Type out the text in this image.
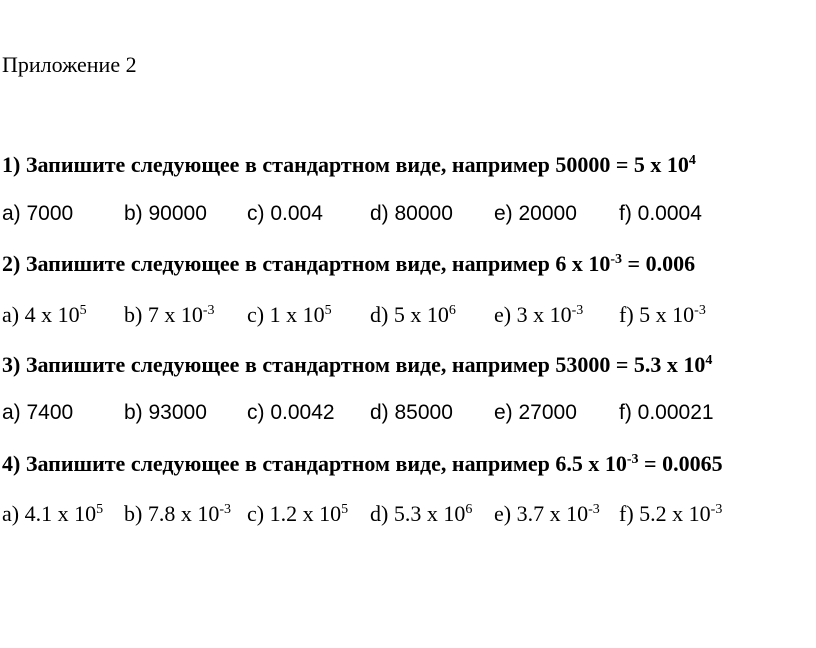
Приложение 2
1) Запишите следующее в стандартном виде, например 50000 = 5 x $10^4$
a) 7000 b) 90000 c) 0.004 d) 80000 e) 20000 f) 0.0004
2) Запишите следующее в стандартном виде, например 6 x $10^{-3} = 0.006$
a) 4 x $10^5$ b) 7 x $10^{-3}$ c) 1 x $10^5$ d) 5 x $10^6$ e) 3 x $10^{-3}$ f) 5 x $10^{-3}$
3) Запишите следующее в стандартном виде, например 53000 = 5.3 x $10^4$
a) 7400 b) 93000 c) 0.0042 d) 85000 e) 27000 f) 0.00021
4) Запишите следующее в стандартном виде, например 6.5 x $10^{-3} = 0.0065$
a) 4.1 x $10^5$ b) 7.8 x $10^{-3}$ c) 1.2 x $10^5$ d) 5.3 x $10^6$ e) 3.7 x $10^{-3}$ f) 5.2 x $10^{-3}$
